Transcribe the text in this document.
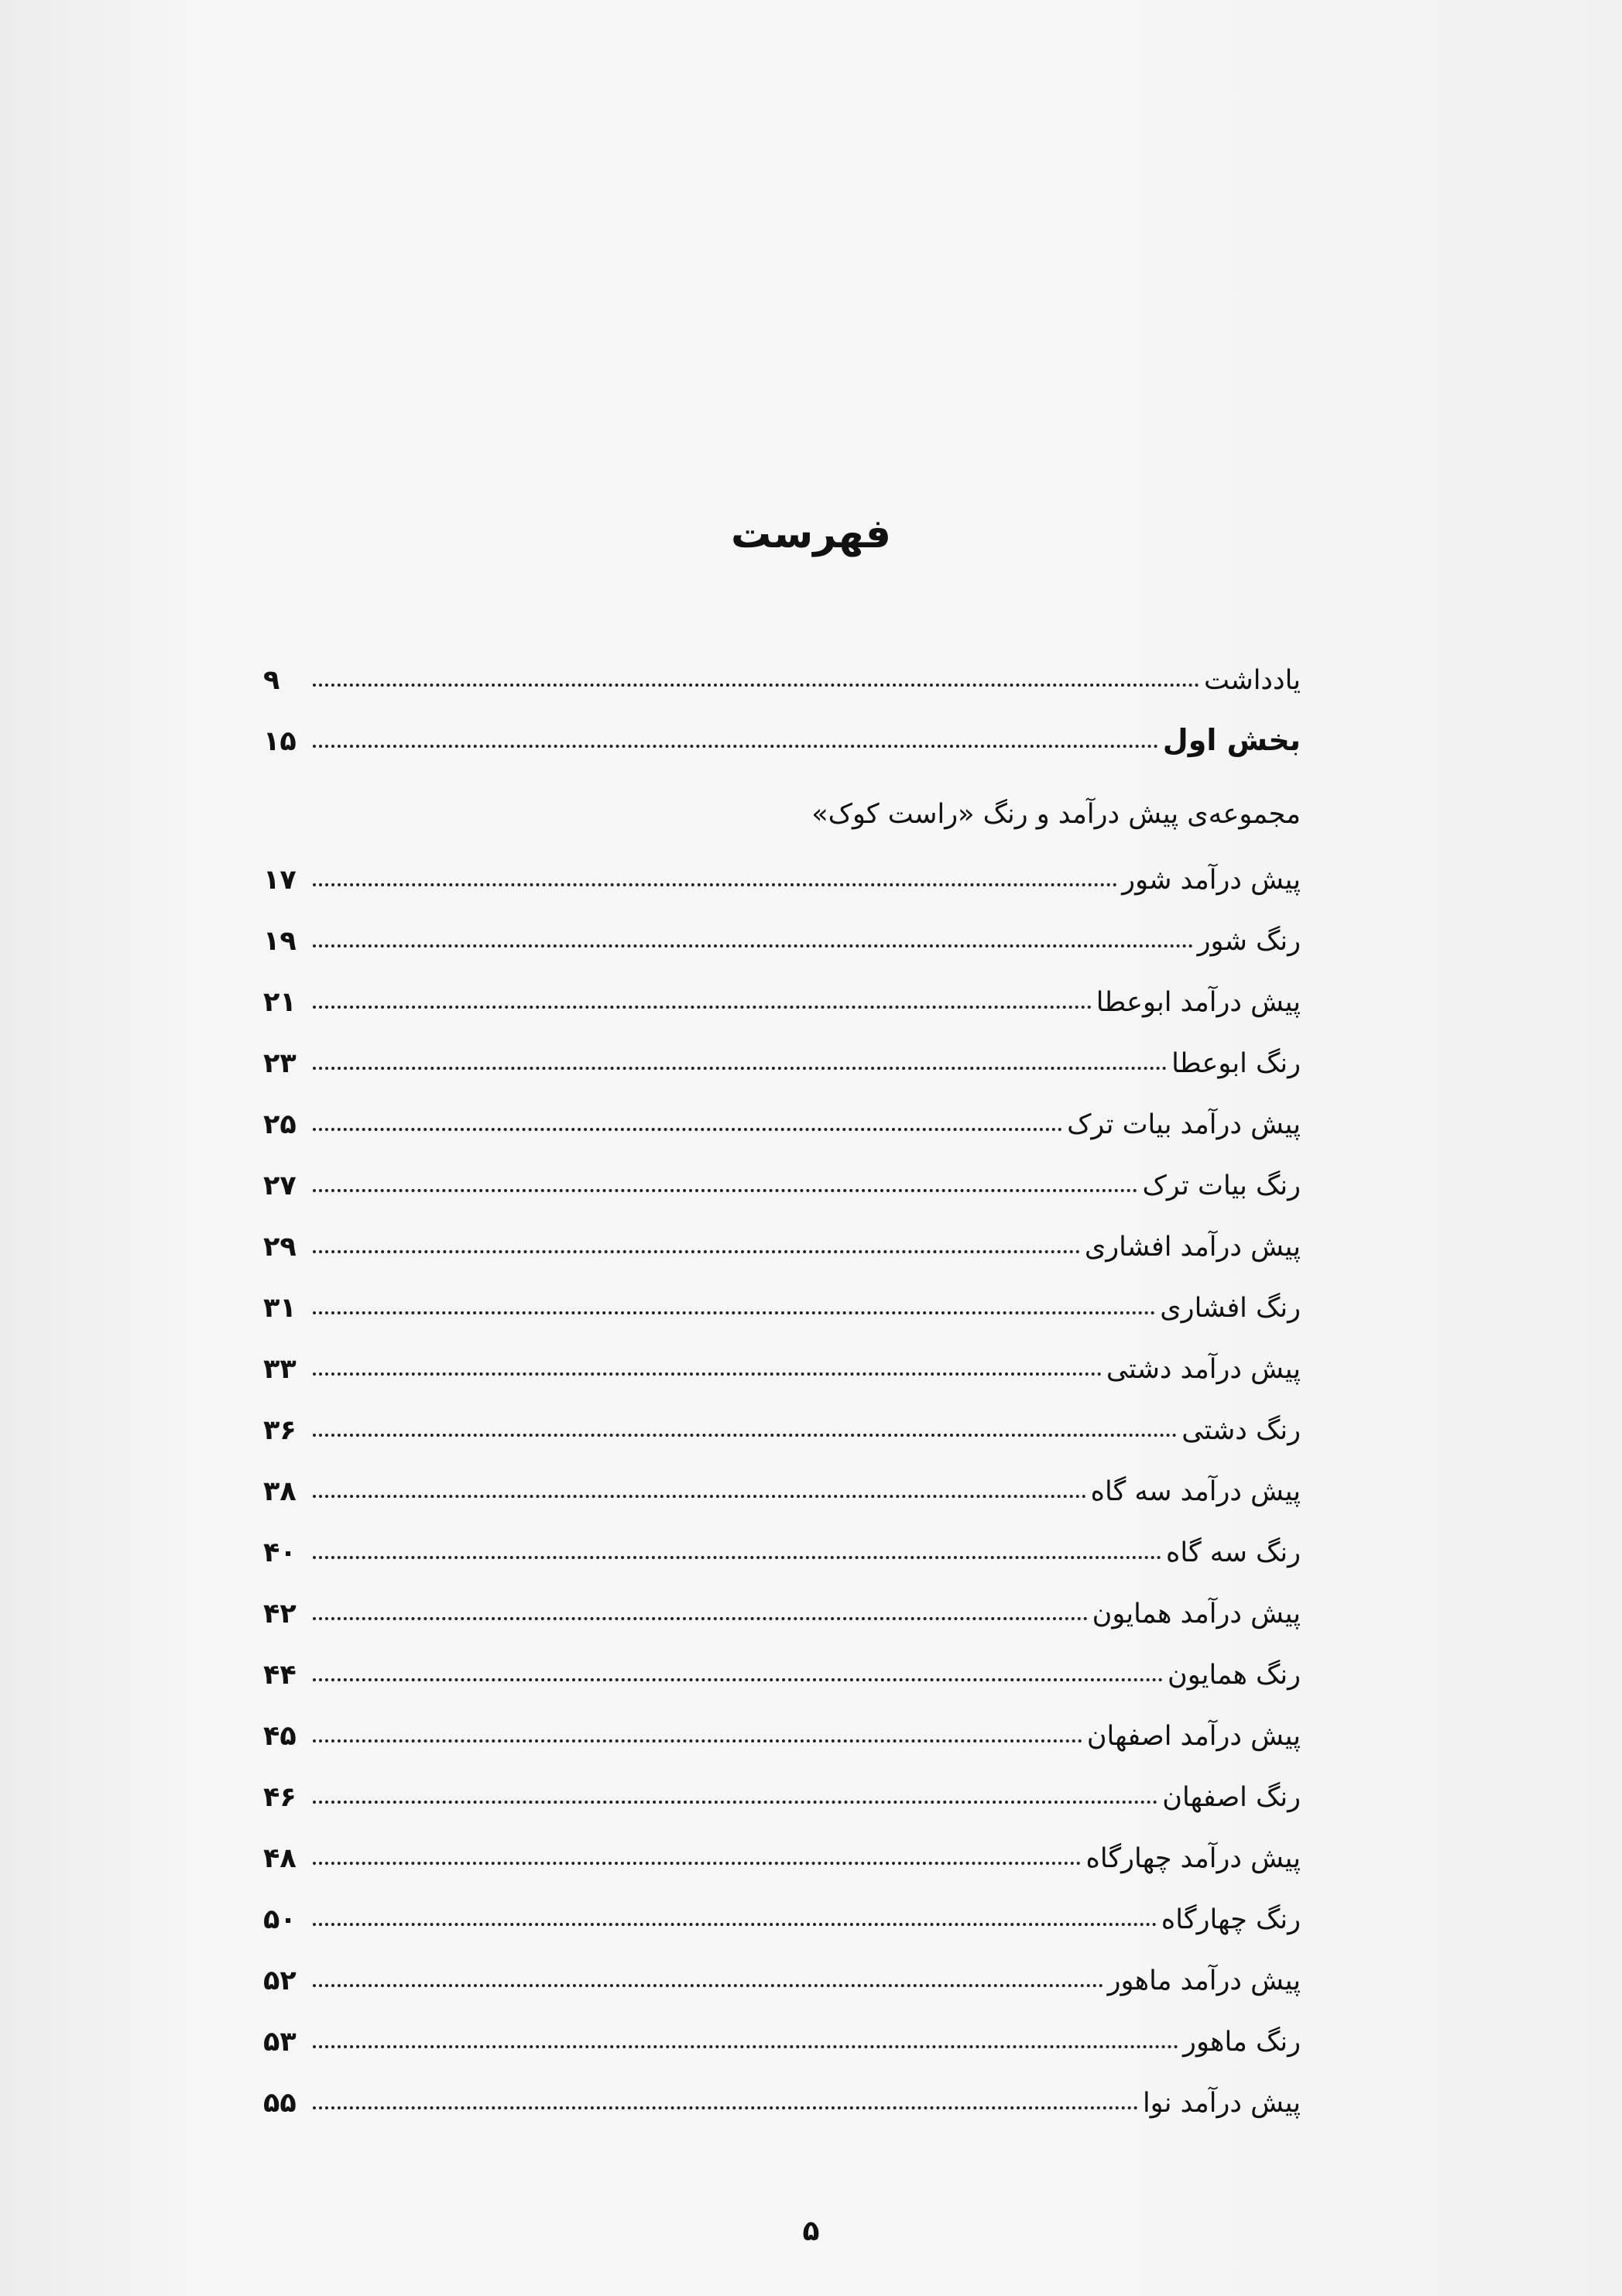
فهرست
یادداشت
۹
بخش اول
۱۵
مجموعه‌ی پیش درآمد و رنگ «راست کوک»
پیش درآمد شور
۱۷
رنگ شور
۱۹
پیش درآمد ابوعطا
۲۱
رنگ ابوعطا
۲۳
پیش درآمد بیات ترک
۲۵
رنگ بیات ترک
۲۷
پیش درآمد افشاری
۲۹
رنگ افشاری
۳۱
پیش درآمد دشتی
۳۳
رنگ دشتی
۳۶
پیش درآمد سه گاه
۳۸
رنگ سه گاه
۴۰
پیش درآمد همایون
۴۲
رنگ همایون
۴۴
پیش درآمد اصفهان
۴۵
رنگ اصفهان
۴۶
پیش درآمد چهارگاه
۴۸
رنگ چهارگاه
۵۰
پیش درآمد ماهور
۵۲
رنگ ماهور
۵۳
پیش درآمد نوا
۵۵
۵
